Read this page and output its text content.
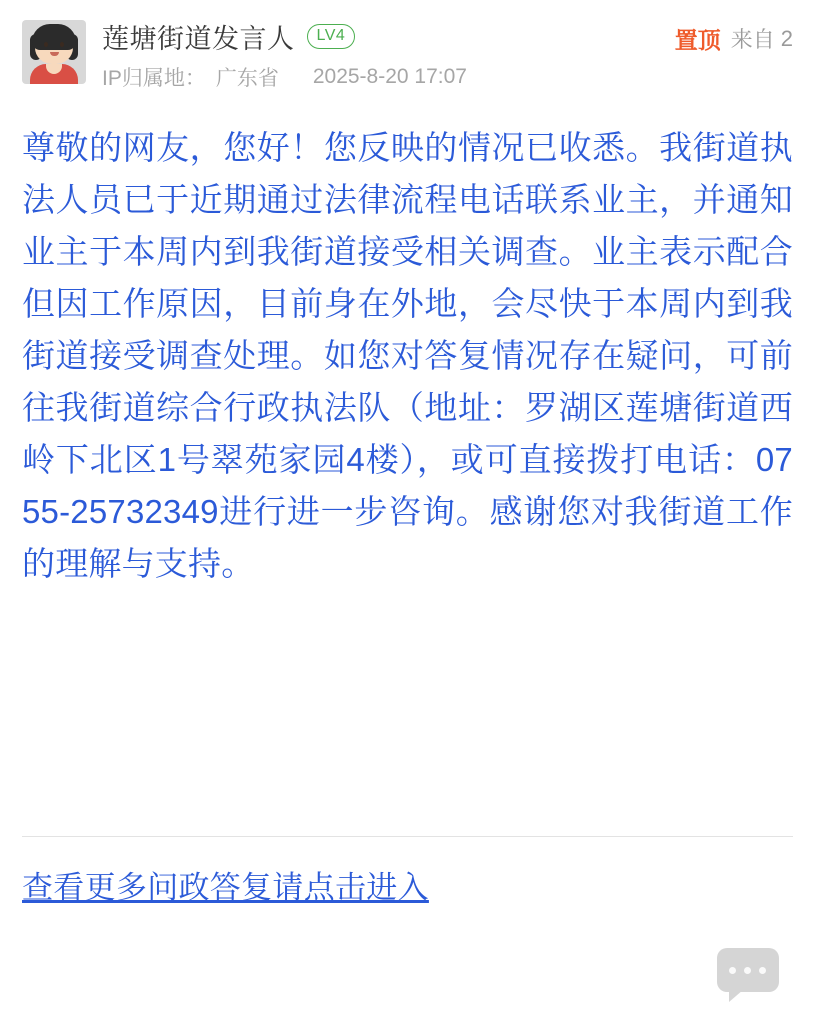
莲塘街道发言人	LV4
IP归属地： 广东省 2025-8-20 17:07
置顶 来自 2
尊敬的网友，您好！您反映的情况已收悉。我街道执法人员已于近期通过法律流程电话联系业主，并通知业主于本周内到我街道接受相关调查。业主表示配合但因工作原因，目前身在外地，会尽快于本周内到我街道接受调查处理。如您对答复情况存在疑问，可前往我街道综合行政执法队（地址：罗湖区莲塘街道西岭下北区1号翠苑家园4楼），或可直接拨打电话：0755-25732349进行进一步咨询。感谢您对我街道工作的理解与支持。
查看更多问政答复请点击进入
